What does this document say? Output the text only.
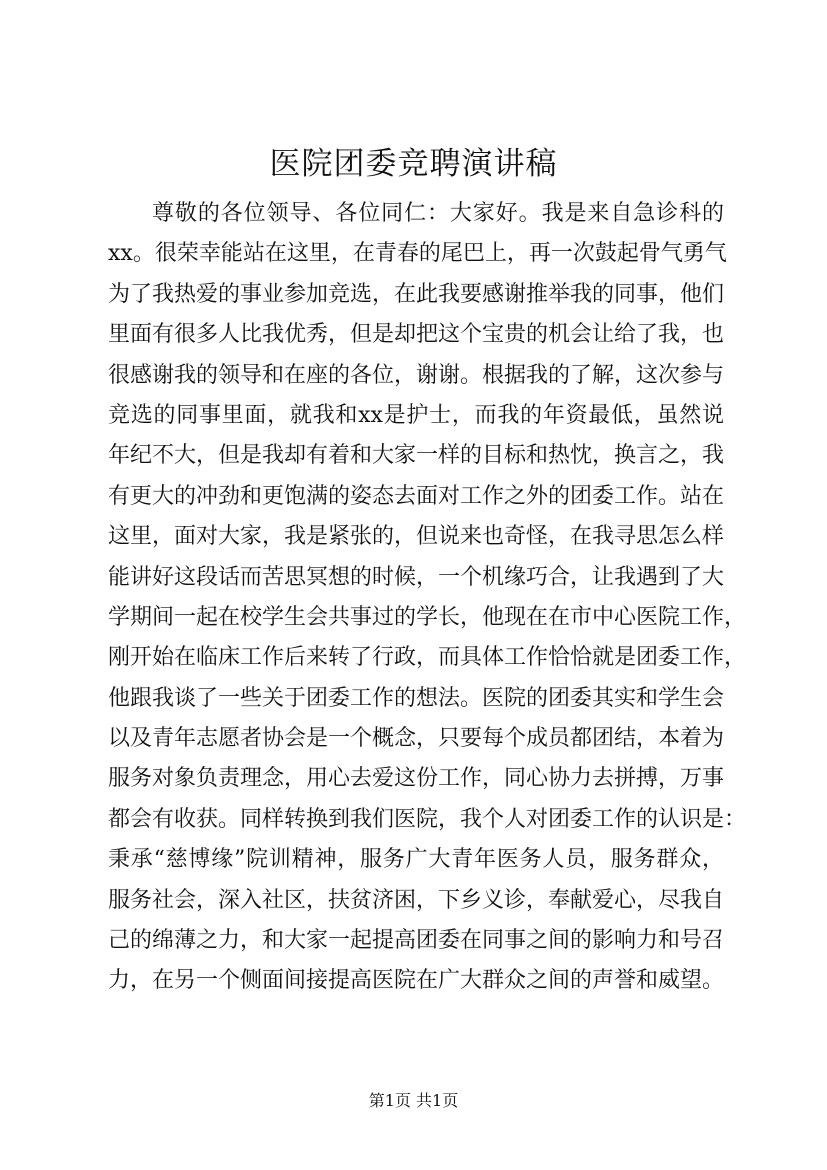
医院团委竞聘演讲稿
尊敬的各位领导、各位同仁：大家好。我是来自急诊科的
xx。很荣幸能站在这里，在青春的尾巴上，再一次鼓起骨气勇气
为了我热爱的事业参加竞选，在此我要感谢推举我的同事，他们
里面有很多人比我优秀，但是却把这个宝贵的机会让给了我，也
很感谢我的领导和在座的各位，谢谢。根据我的了解，这次参与
竞选的同事里面，就我和xx是护士，而我的年资最低，虽然说
年纪不大，但是我却有着和大家一样的目标和热忱，换言之，我
有更大的冲劲和更饱满的姿态去面对工作之外的团委工作。站在
这里，面对大家，我是紧张的，但说来也奇怪，在我寻思怎么样
能讲好这段话而苦思冥想的时候，一个机缘巧合，让我遇到了大
学期间一起在校学生会共事过的学长，他现在在市中心医院工作，
刚开始在临床工作后来转了行政，而具体工作恰恰就是团委工作，
他跟我谈了一些关于团委工作的想法。医院的团委其实和学生会
以及青年志愿者协会是一个概念，只要每个成员都团结，本着为
服务对象负责理念，用心去爱这份工作，同心协力去拼搏，万事
都会有收获。同样转换到我们医院，我个人对团委工作的认识是：
秉承“慈博缘”院训精神，服务广大青年医务人员，服务群众，
服务社会，深入社区，扶贫济困，下乡义诊，奉献爱心，尽我自
己的绵薄之力，和大家一起提高团委在同事之间的影响力和号召
力，在另一个侧面间接提高医院在广大群众之间的声誉和威望。
第1页 共1页
